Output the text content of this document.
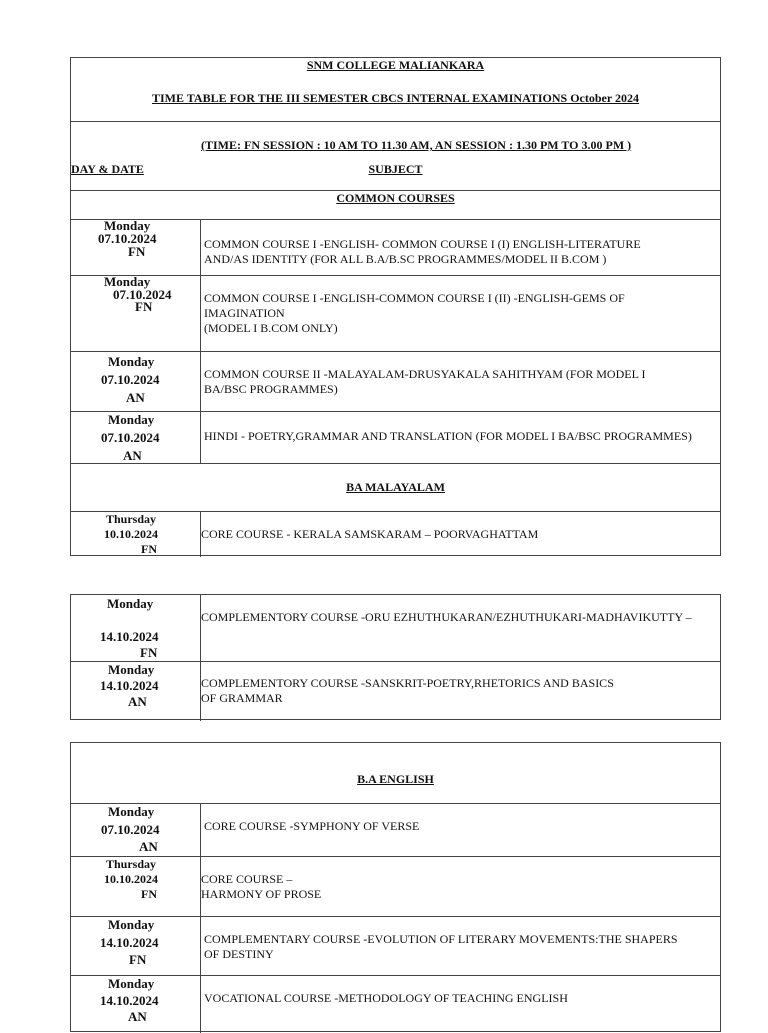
SNM COLLEGE MALIANKARA
TIME TABLE FOR THE III SEMESTER CBCS INTERNAL EXAMINATIONS October 2024
(TIME: FN SESSION : 10 AM TO 11.30 AM, AN SESSION : 1.30 PM TO 3.00 PM )
DAY & DATE	SUBJECT
COMMON COURSES
Monday
07.10.2024
FN	COMMON COURSE I -ENGLISH- COMMON COURSE I (I) ENGLISH-LITERATURE
AND/AS IDENTITY (FOR ALL B.A/B.SC PROGRAMMES/MODEL II B.COM )
Monday
07.10.2024
FN
COMMON COURSE I -ENGLISH-COMMON COURSE I (II) -ENGLISH-GEMS OF
IMAGINATION
(MODEL I B.COM ONLY)
Monday
07.10.2024
AN
COMMON COURSE II -MALAYALAM-DRUSYAKALA SAHITHYAM (FOR MODEL I
BA/BSC PROGRAMMES)
Monday
07.10.2024
AN
HINDI - POETRY,GRAMMAR AND TRANSLATION (FOR MODEL I BA/BSC PROGRAMMES)
BA MALAYALAM
Thursday
10.10.2024
FN
CORE COURSE - KERALA SAMSKARAM – POORVAGHATTAM
Monday
14.10.2024
FN
COMPLEMENTORY COURSE -ORU EZHUTHUKARAN/EZHUTHUKARI-MADHAVIKUTTY –
Monday
14.10.2024
AN
COMPLEMENTORY COURSE -SANSKRIT-POETRY,RHETORICS AND BASICS
OF GRAMMAR
B.A ENGLISH
Monday
07.10.2024
AN
CORE COURSE -SYMPHONY OF VERSE
Thursday
10.10.2024
FN
CORE COURSE –
HARMONY OF PROSE
Monday
14.10.2024
FN
COMPLEMENTARY COURSE -EVOLUTION OF LITERARY MOVEMENTS:THE SHAPERS
OF DESTINY
Monday
14.10.2024
AN
VOCATIONAL COURSE -METHODOLOGY OF TEACHING ENGLISH
